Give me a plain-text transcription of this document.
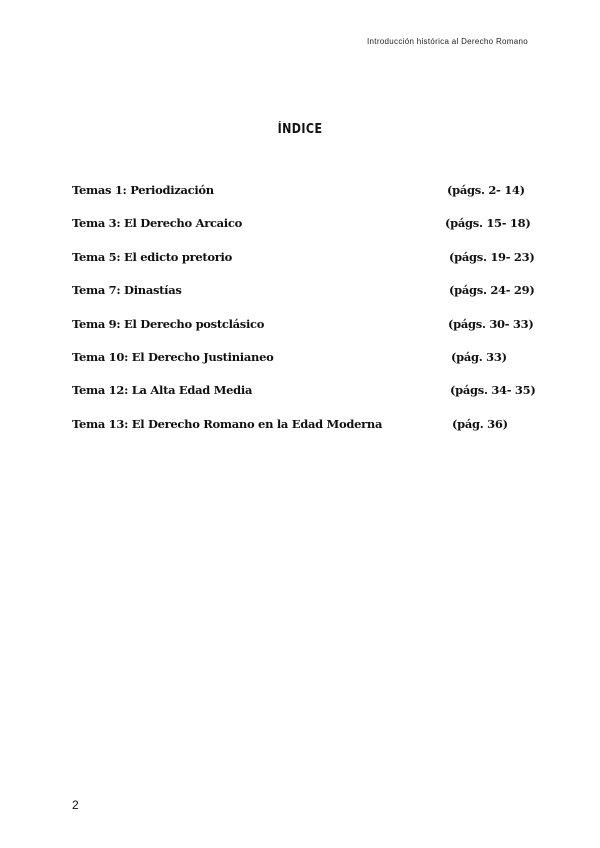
Introducción histórica al Derecho Romano
ÍNDICE
Temas 1: Periodización	(págs. 2- 14)
Tema 3: El Derecho Arcaico	(págs. 15- 18)
Tema 5: El edicto pretorio	(págs. 19- 23)
Tema 7: Dinastías	(págs. 24- 29)
Tema 9: El Derecho postclásico	(págs. 30- 33)
Tema 10: El Derecho Justinianeo	(pág. 33)
Tema 12: La Alta Edad Media	(págs. 34- 35)
Tema 13: El Derecho Romano en la Edad Moderna	(pág. 36)
2
